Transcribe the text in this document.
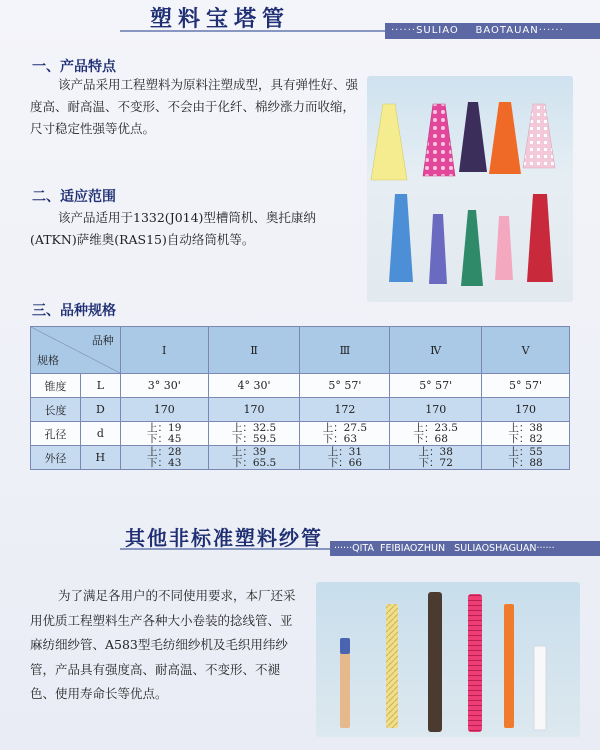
塑料宝塔管	······SULIAO    BAOTAUAN······
一、产品特点
该产品采用工程塑料为原料注塑成型，具有弹性好、强度高、耐高温、不变形、不会由于化纤、棉纱涨力而收缩，尺寸稳定性强等优点。
二、适应范围
该产品适用于1332(J014)型槽筒机、奥托康纳(ATKN)萨维奥(RAS15)自动络筒机等。
三、品种规格
品种
规格		Ⅰ	Ⅱ	Ⅲ	Ⅳ	Ⅴ
锥度	L	3° 30'	4° 30'	5° 57'	5° 57'	5° 57'
长度	D	170	170	172	170	170
孔径	d	上：19
下：45	上：32.5
下：59.5	上：27.5
下：63	上：23.5
下：68	上：38
下：82
外径	H	上：28
下：43	上：39
下：65.5	上：31
下：66	上：38
下：72	上：55
下：88
其他非标准塑料纱管	······QITA  FEIBIAOZHUN   SULIAOSHAGUAN······
为了满足各用户的不同使用要求，本厂还采用优质工程塑料生产各种大小卷装的捻线管、亚麻纺细纱管、A583型毛纺细纱机及毛织用纬纱管，产品具有强度高、耐高温、不变形、不褪色、使用寿命长等优点。
